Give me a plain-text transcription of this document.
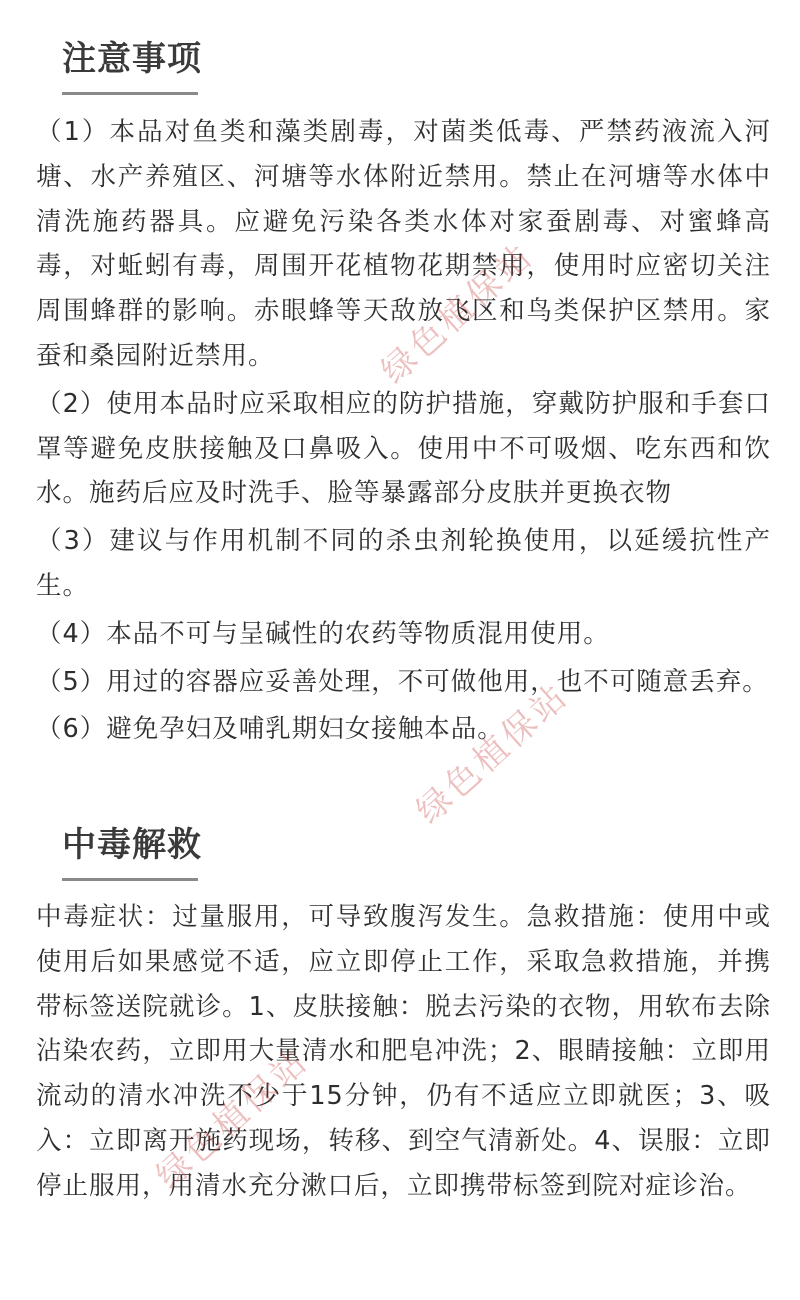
注意事项

（1）本品对鱼类和藻类剧毒，对菌类低毒、严禁药液流入河塘、水产养殖区、河塘等水体附近禁用。禁止在河塘等水体中清洗施药器具。应避免污染各类水体对家蚕剧毒、对蜜蜂高毒，对蚯蚓有毒，周围开花植物花期禁用，使用时应密切关注周围蜂群的影响。赤眼蜂等天敌放飞区和鸟类保护区禁用。家蚕和桑园附近禁用。

（2）使用本品时应采取相应的防护措施，穿戴防护服和手套口罩等避免皮肤接触及口鼻吸入。使用中不可吸烟、吃东西和饮水。施药后应及时洗手、脸等暴露部分皮肤并更换衣物

（3）建议与作用机制不同的杀虫剂轮换使用，以延缓抗性产生。

（4）本品不可与呈碱性的农药等物质混用使用。

（5）用过的容器应妥善处理，不可做他用，也不可随意丢弃。

（6）避免孕妇及哺乳期妇女接触本品。

中毒解救

中毒症状：过量服用，可导致腹泻发生。急救措施：使用中或使用后如果感觉不适，应立即停止工作，采取急救措施，并携带标签送院就诊。1、皮肤接触：脱去污染的衣物，用软布去除沾染农药，立即用大量清水和肥皂冲洗；2、眼睛接触：立即用流动的清水冲洗不少于15分钟，仍有不适应立即就医；3、吸入：立即离开施药现场，转移、到空气清新处。4、误服：立即停止服用，用清水充分漱口后，立即携带标签到院对症诊治。

绿色植保站
绿色植保站
绿色植保站
